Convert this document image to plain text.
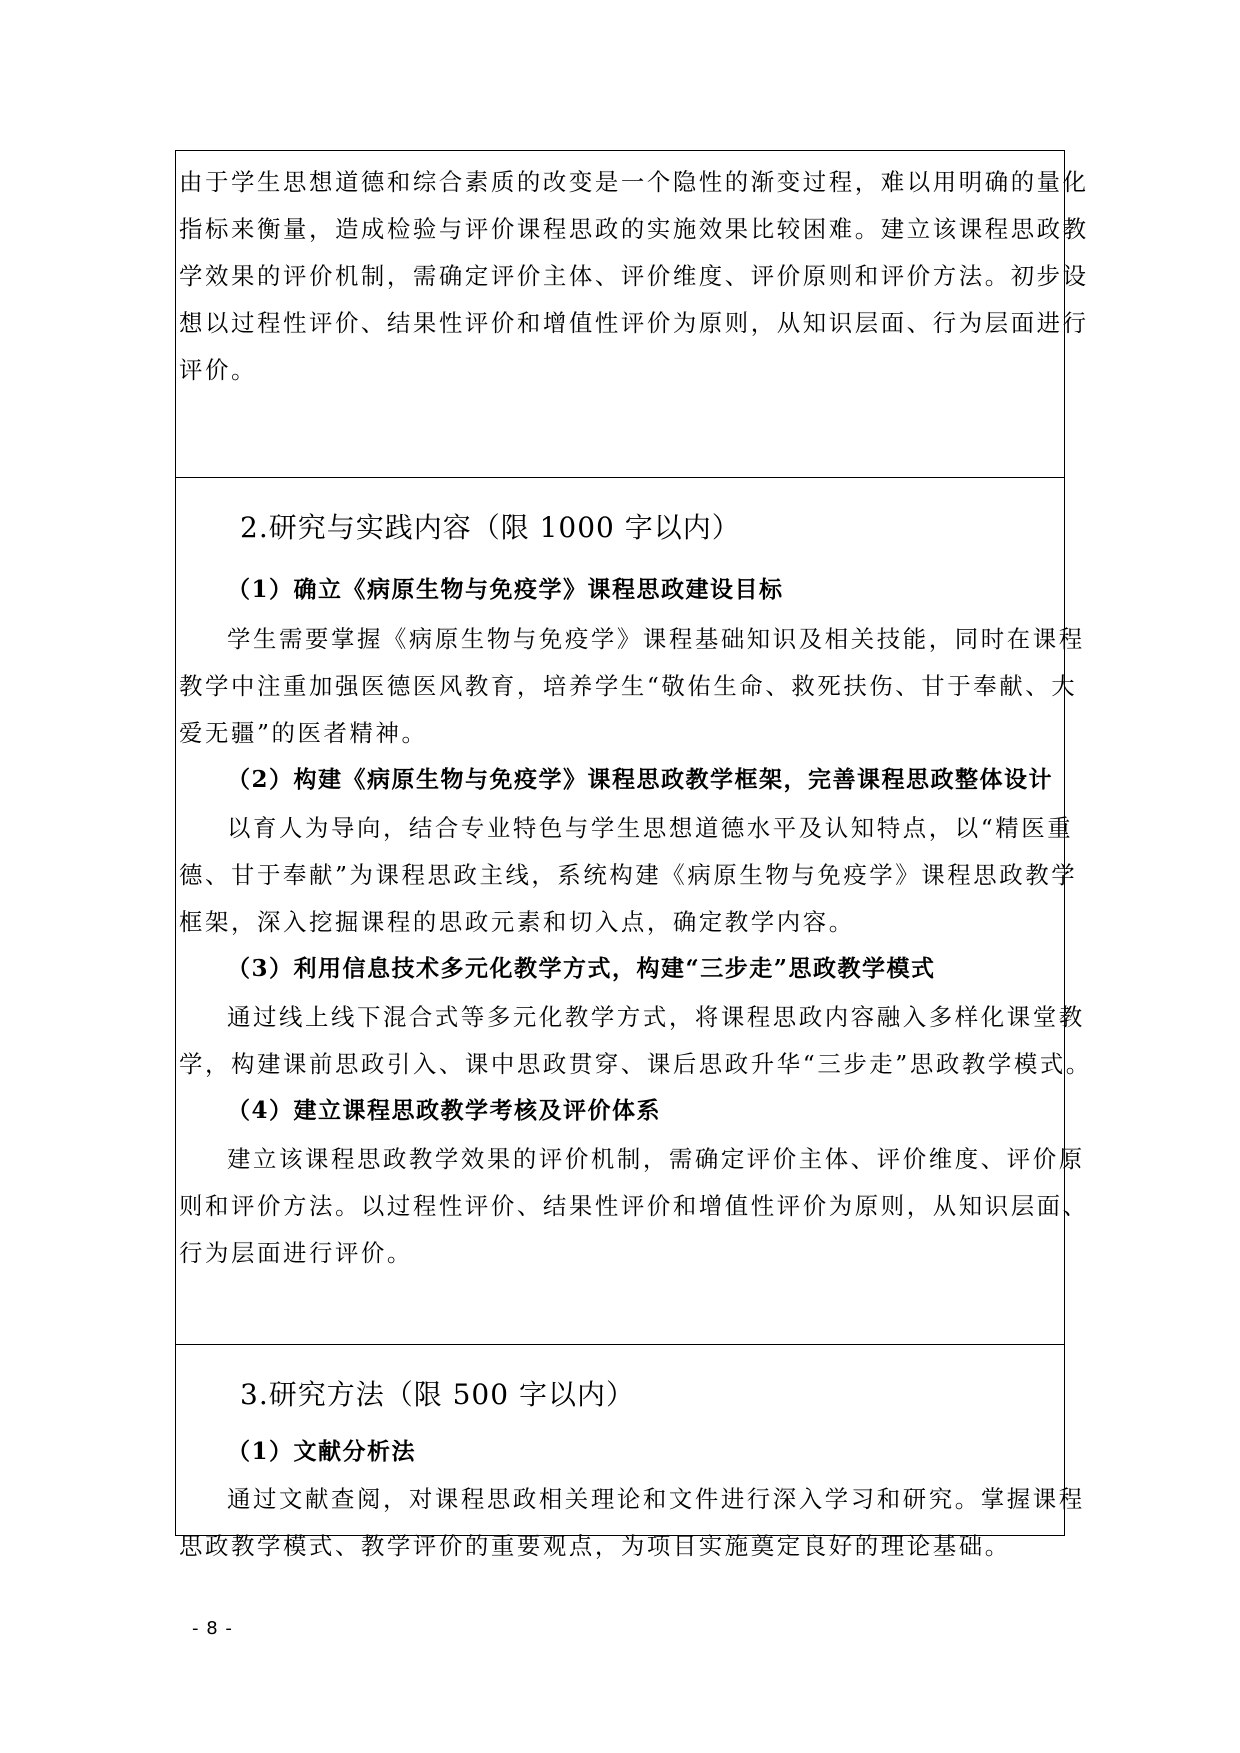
由于学生思想道德和综合素质的改变是一个隐性的渐变过程，难以用明确的量化
指标来衡量，造成检验与评价课程思政的实施效果比较困难。建立该课程思政教
学效果的评价机制，需确定评价主体、评价维度、评价原则和评价方法。初步设
想以过程性评价、结果性评价和增值性评价为原则，从知识层面、行为层面进行
评价。
2.研究与实践内容（限 1000 字以内）
（1）确立《病原生物与免疫学》课程思政建设目标
学生需要掌握《病原生物与免疫学》课程基础知识及相关技能，同时在课程
教学中注重加强医德医风教育，培养学生“敬佑生命、救死扶伤、甘于奉献、大
爱无疆”的医者精神。
（2）构建《病原生物与免疫学》课程思政教学框架，完善课程思政整体设计
以育人为导向，结合专业特色与学生思想道德水平及认知特点，以“精医重
德、甘于奉献”为课程思政主线，系统构建《病原生物与免疫学》课程思政教学
框架，深入挖掘课程的思政元素和切入点，确定教学内容。
（3）利用信息技术多元化教学方式，构建“三步走”思政教学模式
通过线上线下混合式等多元化教学方式，将课程思政内容融入多样化课堂教
学，构建课前思政引入、课中思政贯穿、课后思政升华“三步走”思政教学模式。
（4）建立课程思政教学考核及评价体系
建立该课程思政教学效果的评价机制，需确定评价主体、评价维度、评价原
则和评价方法。以过程性评价、结果性评价和增值性评价为原则，从知识层面、
行为层面进行评价。
3.研究方法（限 500 字以内）
（1）文献分析法
通过文献查阅，对课程思政相关理论和文件进行深入学习和研究。掌握课程
思政教学模式、教学评价的重要观点，为项目实施奠定良好的理论基础。
- 8 -
